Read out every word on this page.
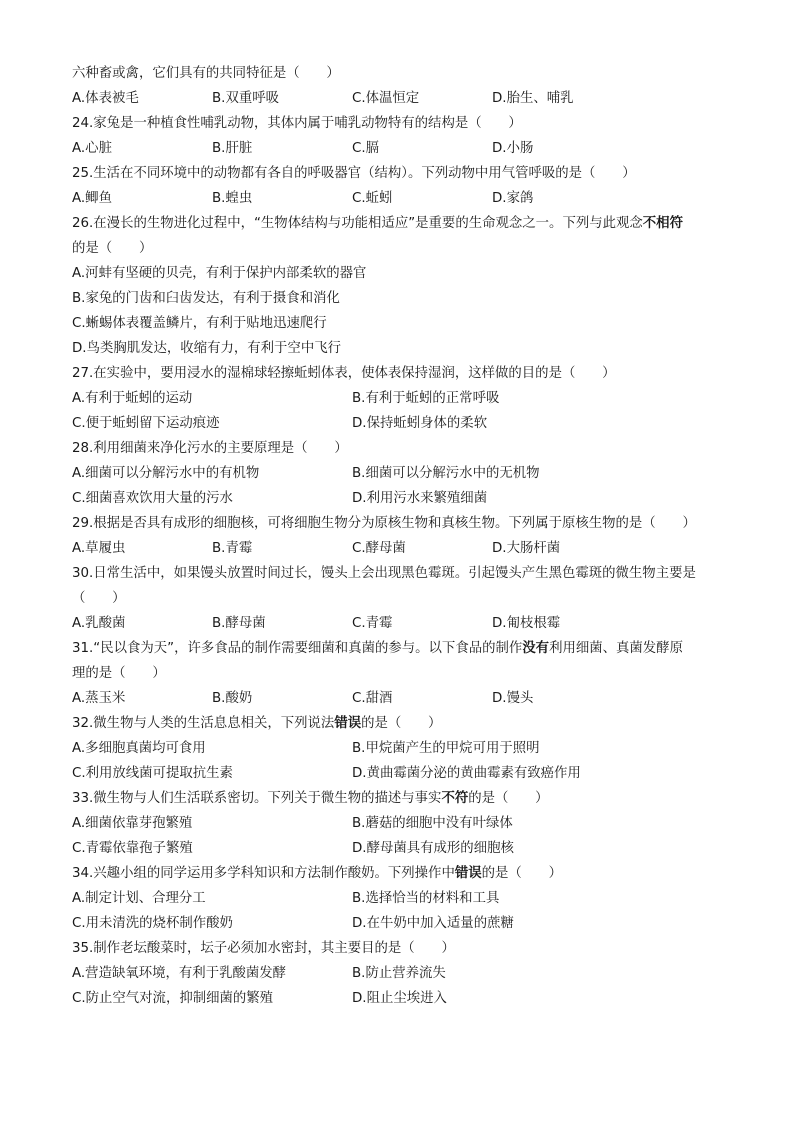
六种畜或禽，它们具有的共同特征是（　　）
A.体表被毛	B.双重呼吸	C.体温恒定	D.胎生、哺乳
24.家兔是一种植食性哺乳动物，其体内属于哺乳动物特有的结构是（　　）
A.心脏	B.肝脏	C.膈	D.小肠
25.生活在不同环境中的动物都有各自的呼吸器官（结构）。下列动物中用气管呼吸的是（　　）
A.鲫鱼	B.蝗虫	C.蚯蚓	D.家鸽
26.在漫长的生物进化过程中，“生物体结构与功能相适应”是重要的生命观念之一。下列与此观念不相符
的是（　　）
A.河蚌有坚硬的贝壳，有利于保护内部柔软的器官
B.家兔的门齿和臼齿发达，有利于摄食和消化
C.蜥蜴体表覆盖鳞片，有利于贴地迅速爬行
D.鸟类胸肌发达，收缩有力，有利于空中飞行
27.在实验中，要用浸水的湿棉球轻擦蚯蚓体表，使体表保持湿润，这样做的目的是（　　）
A.有利于蚯蚓的运动	B.有利于蚯蚓的正常呼吸
C.便于蚯蚓留下运动痕迹	D.保持蚯蚓身体的柔软
28.利用细菌来净化污水的主要原理是（　　）
A.细菌可以分解污水中的有机物	B.细菌可以分解污水中的无机物
C.细菌喜欢饮用大量的污水	D.利用污水来繁殖细菌
29.根据是否具有成形的细胞核，可将细胞生物分为原核生物和真核生物。下列属于原核生物的是（　　）
A.草履虫	B.青霉	C.酵母菌	D.大肠杆菌
30.日常生活中，如果馒头放置时间过长，馒头上会出现黑色霉斑。引起馒头产生黑色霉斑的微生物主要是
（　　）
A.乳酸菌	B.酵母菌	C.青霉	D.匍枝根霉
31.“民以食为天”，许多食品的制作需要细菌和真菌的参与。以下食品的制作没有利用细菌、真菌发酵原
理的是（　　）
A.蒸玉米	B.酸奶	C.甜酒	D.馒头
32.微生物与人类的生活息息相关，下列说法错误的是（　　）
A.多细胞真菌均可食用	B.甲烷菌产生的甲烷可用于照明
C.利用放线菌可提取抗生素	D.黄曲霉菌分泌的黄曲霉素有致癌作用
33.微生物与人们生活联系密切。下列关于微生物的描述与事实不符的是（　　）
A.细菌依靠芽孢繁殖	B.蘑菇的细胞中没有叶绿体
C.青霉依靠孢子繁殖	D.酵母菌具有成形的细胞核
34.兴趣小组的同学运用多学科知识和方法制作酸奶。下列操作中错误的是（　　）
A.制定计划、合理分工	B.选择恰当的材料和工具
C.用未清洗的烧杯制作酸奶	D.在牛奶中加入适量的蔗糖
35.制作老坛酸菜时，坛子必须加水密封，其主要目的是（　　）
A.营造缺氧环境，有利于乳酸菌发酵	B.防止营养流失
C.防止空气对流，抑制细菌的繁殖	D.阻止尘埃进入
